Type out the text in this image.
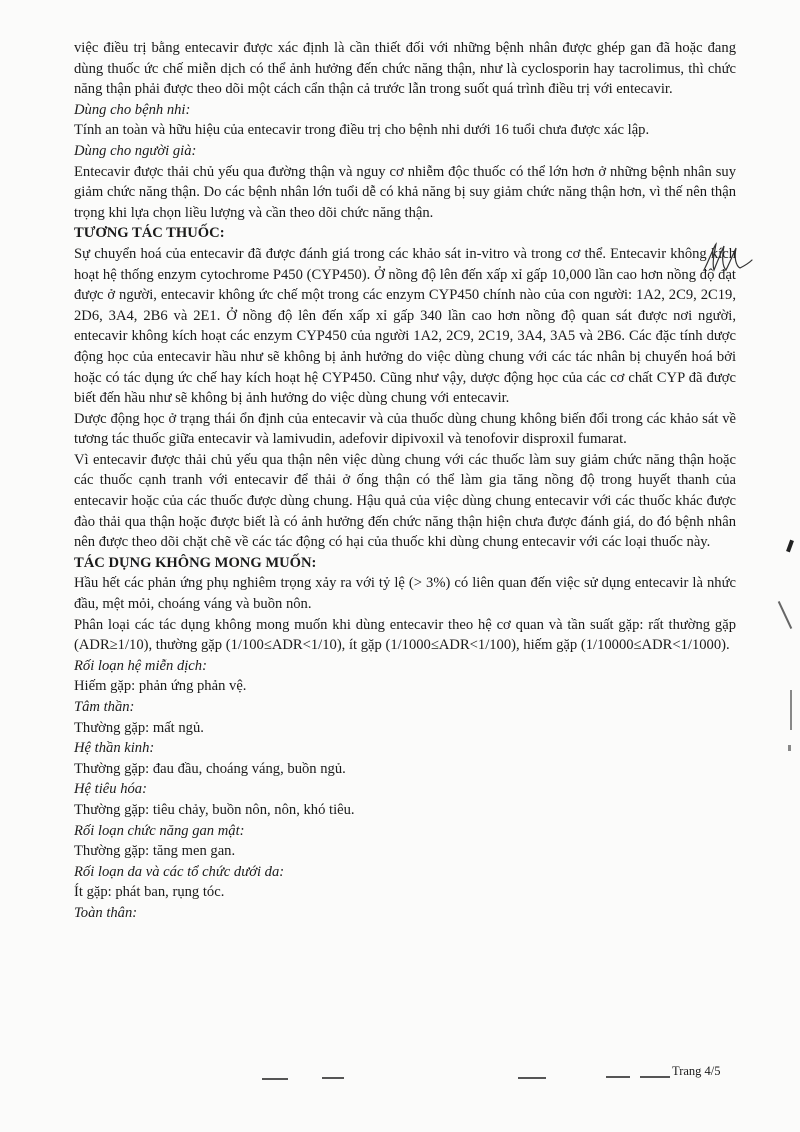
việc điều trị bằng entecavir được xác định là cần thiết đối với những bệnh nhân được ghép gan đã hoặc đang dùng thuốc ức chế miễn dịch có thể ảnh hưởng đến chức năng thận, như là cyclosporin hay tacrolimus, thì chức năng thận phải được theo dõi một cách cẩn thận cả trước lẫn trong suốt quá trình điều trị với entecavir.

Dùng cho bệnh nhi:

Tính an toàn và hữu hiệu của entecavir trong điều trị cho bệnh nhi dưới 16 tuổi chưa được xác lập.

Dùng cho người già:

Entecavir được thải chủ yếu qua đường thận và nguy cơ nhiễm độc thuốc có thể lớn hơn ở những bệnh nhân suy giảm chức năng thận. Do các bệnh nhân lớn tuổi dễ có khả năng bị suy giảm chức năng thận hơn, vì thế nên thận trọng khi lựa chọn liều lượng và cần theo dõi chức năng thận.

TƯƠNG TÁC THUỐC:

Sự chuyển hoá của entecavir đã được đánh giá trong các khảo sát in-vitro và trong cơ thể. Entecavir không kích hoạt hệ thống enzym cytochrome P450 (CYP450). Ở nồng độ lên đến xấp xỉ gấp 10,000 lần cao hơn nồng độ đạt được ở người, entecavir không ức chế một trong các enzym CYP450 chính nào của con người: 1A2, 2C9, 2C19, 2D6, 3A4, 2B6 và 2E1. Ở nồng độ lên đến xấp xỉ gấp 340 lần cao hơn nồng độ quan sát được nơi người, entecavir không kích hoạt các enzym CYP450 của người 1A2, 2C9, 2C19, 3A4, 3A5 và 2B6. Các đặc tính dược động học của entecavir hầu như sẽ không bị ảnh hưởng do việc dùng chung với các tác nhân bị chuyển hoá bởi hoặc có tác dụng ức chế hay kích hoạt hệ CYP450. Cũng như vậy, dược động học của các cơ chất CYP đã được biết đến hầu như sẽ không bị ảnh hưởng do việc dùng chung với entecavir.

Dược động học ở trạng thái ổn định của entecavir và của thuốc dùng chung không biến đổi trong các khảo sát về tương tác thuốc giữa entecavir và lamivudin, adefovir dipivoxil và tenofovir disproxil fumarat.

Vì entecavir được thải chủ yếu qua thận nên việc dùng chung với các thuốc làm suy giảm chức năng thận hoặc các thuốc cạnh tranh với entecavir để thải ở ống thận có thể làm gia tăng nồng độ trong huyết thanh của entecavir hoặc của các thuốc được dùng chung. Hậu quả của việc dùng chung entecavir với các thuốc khác được đào thải qua thận hoặc được biết là có ảnh hưởng đến chức năng thận hiện chưa được đánh giá, do đó bệnh nhân nên được theo dõi chặt chẽ về các tác động có hại của thuốc khi dùng chung entecavir với các loại thuốc này.

TÁC DỤNG KHÔNG MONG MUỐN:

Hầu hết các phản ứng phụ nghiêm trọng xảy ra với tỷ lệ (> 3%) có liên quan đến việc sử dụng entecavir là nhức đầu, mệt mỏi, choáng váng và buồn nôn.

Phân loại các tác dụng không mong muốn khi dùng entecavir theo hệ cơ quan và tần suất gặp: rất thường gặp (ADR≥1/10), thường gặp (1/100≤ADR<1/10), ít gặp (1/1000≤ADR<1/100), hiếm gặp (1/10000≤ADR<1/1000).

Rối loạn hệ miễn dịch:

Hiếm gặp: phản ứng phản vệ.

Tâm thần:

Thường gặp: mất ngủ.

Hệ thần kinh:

Thường gặp: đau đầu, choáng váng, buồn ngủ.

Hệ tiêu hóa:

Thường gặp: tiêu chảy, buồn nôn, nôn, khó tiêu.

Rối loạn chức năng gan mật:

Thường gặp: tăng men gan.

Rối loạn da và các tổ chức dưới da:

Ít gặp: phát ban, rụng tóc.

Toàn thân:

Trang 4/5
